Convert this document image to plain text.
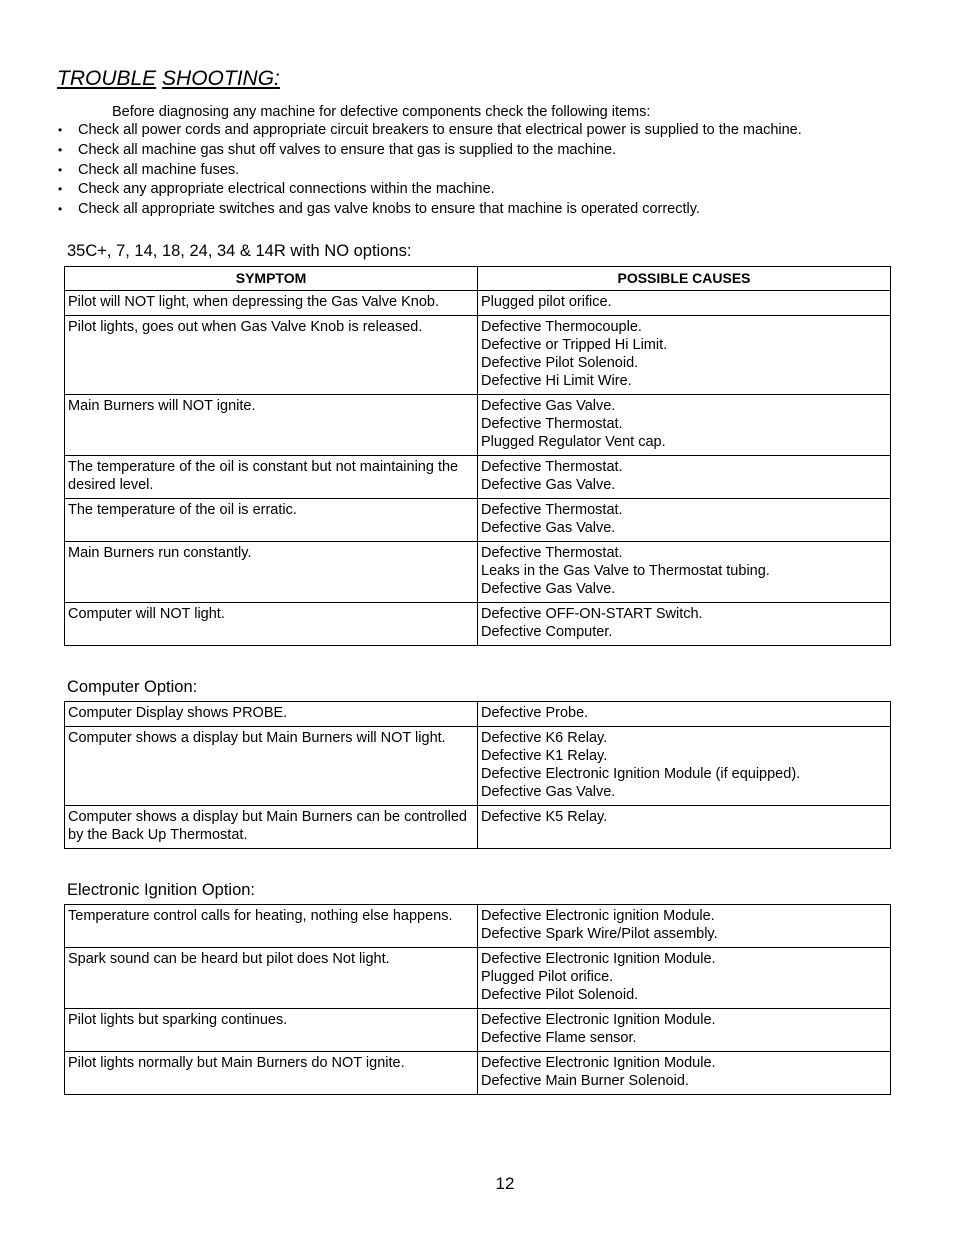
TROUBLE SHOOTING:

Before diagnosing any machine for defective components check the following items:

• Check all power cords and appropriate circuit breakers to ensure that electrical power is supplied to the machine.
• Check all machine gas shut off valves to ensure that gas is supplied to the machine.
• Check all machine fuses.
• Check any appropriate electrical connections within the machine.
• Check all appropriate switches and gas valve knobs to ensure that machine is operated correctly.
35C+, 7, 14, 18, 24, 34 & 14R with NO options:
SYMPTOM	POSSIBLE CAUSES
Pilot will NOT light, when depressing the Gas Valve Knob.	Plugged pilot orifice.

Pilot lights, goes out when Gas Valve Knob is released.	Defective Thermocouple.
Defective or Tripped Hi Limit.
Defective Pilot Solenoid.
Defective Hi Limit Wire.

Main Burners will NOT ignite.	Defective Gas Valve.
Defective Thermostat.
Plugged Regulator Vent cap.

The temperature of the oil is constant but not maintaining the desired level.	Defective Thermostat.
Defective Gas Valve.

The temperature of the oil is erratic.	Defective Thermostat.
Defective Gas Valve.

Main Burners run constantly.	Defective Thermostat.
Leaks in the Gas Valve to Thermostat tubing.
Defective Gas Valve.

Computer will NOT light.	Defective OFF-ON-START Switch.
Defective Computer.
Computer Option:
Computer Display shows PROBE.	Defective Probe.

Computer shows a display but Main Burners will NOT light.	Defective K6 Relay.
Defective K1 Relay.
Defective Electronic Ignition Module (if equipped).
Defective Gas Valve.

Computer shows a display but Main Burners can be controlled by the Back Up Thermostat.	Defective K5 Relay.
Electronic Ignition Option:
Temperature control calls for heating, nothing else happens.	Defective Electronic ignition Module.
Defective Spark Wire/Pilot assembly.

Spark sound can be heard but pilot does Not light.	Defective Electronic Ignition Module.
Plugged Pilot orifice.
Defective Pilot Solenoid.

Pilot lights but sparking continues.	Defective Electronic Ignition Module.
Defective Flame sensor.

Pilot lights normally but Main Burners do NOT ignite.	Defective Electronic Ignition Module.
Defective Main Burner Solenoid.
12
